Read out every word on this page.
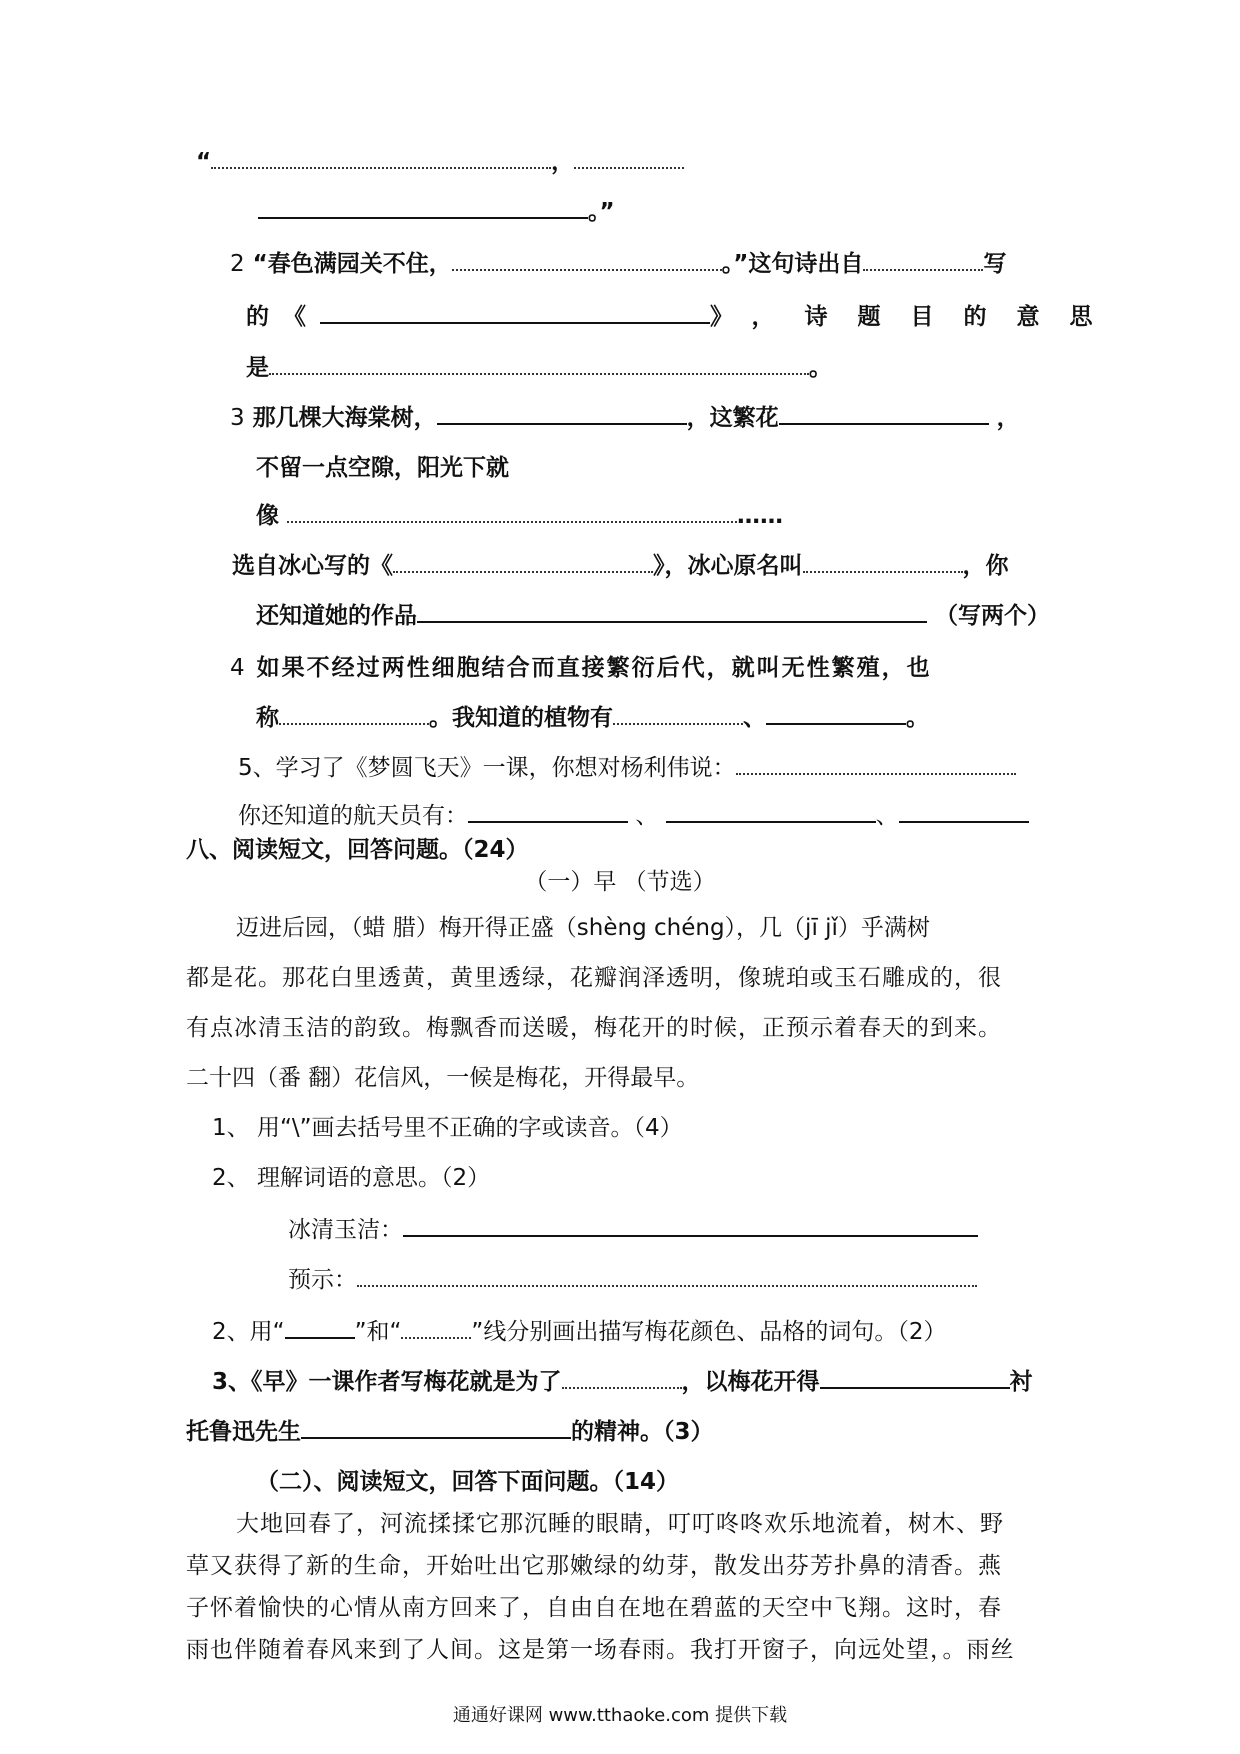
“	，
。”
2 “春色满园关不住，	。”这句诗出自	写
的《	》，诗题目的意思
是	。
3 那几棵大海棠树，	，这繁花	，
不留一点空隙，阳光下就
像	……
选自冰心写的《	》，冰心原名叫	，你
还知道她的作品	（写两个）
4 如果不经过两性细胞结合而直接繁衍后代，就叫无性繁殖，也
称	。我知道的植物有	、	。
5、学习了《梦圆飞天》一课，你想对杨利伟说：
你还知道的航天员有：	、	、
八、阅读短文，回答问题。（24）
（一）早 （节选）
迈进后园，（蜡 腊）梅开得正盛（shèng chéng），几（jī jǐ）乎满树
都是花。那花白里透黄，黄里透绿，花瓣润泽透明，像琥珀或玉石雕成的，很
有点冰清玉洁的韵致。梅飘香而送暖，梅花开的时候，正预示着春天的到来。
二十四（番 翻）花信风，一候是梅花，开得最早。
1、 用“\”画去括号里不正确的字或读音。（4）
2、 理解词语的意思。（2）
冰清玉洁：
预示：
2、用“	”和“	”线分别画出描写梅花颜色、品格的词句。（2）
3、《早》一课作者写梅花就是为了	，以梅花开得	衬
托鲁迅先生	的精神。（3）
（二）、阅读短文，回答下面问题。（14）
大地回春了，河流揉揉它那沉睡的眼睛，叮叮咚咚欢乐地流着，树木、野
草又获得了新的生命，开始吐出它那嫩绿的幼芽，散发出芬芳扑鼻的清香。燕
子怀着愉快的心情从南方回来了，自由自在地在碧蓝的天空中飞翔。这时，春
雨也伴随着春风来到了人间。这是第一场春雨。我打开窗子，向远处望，。雨丝
通通好课网 www.tthaoke.com 提供下载
